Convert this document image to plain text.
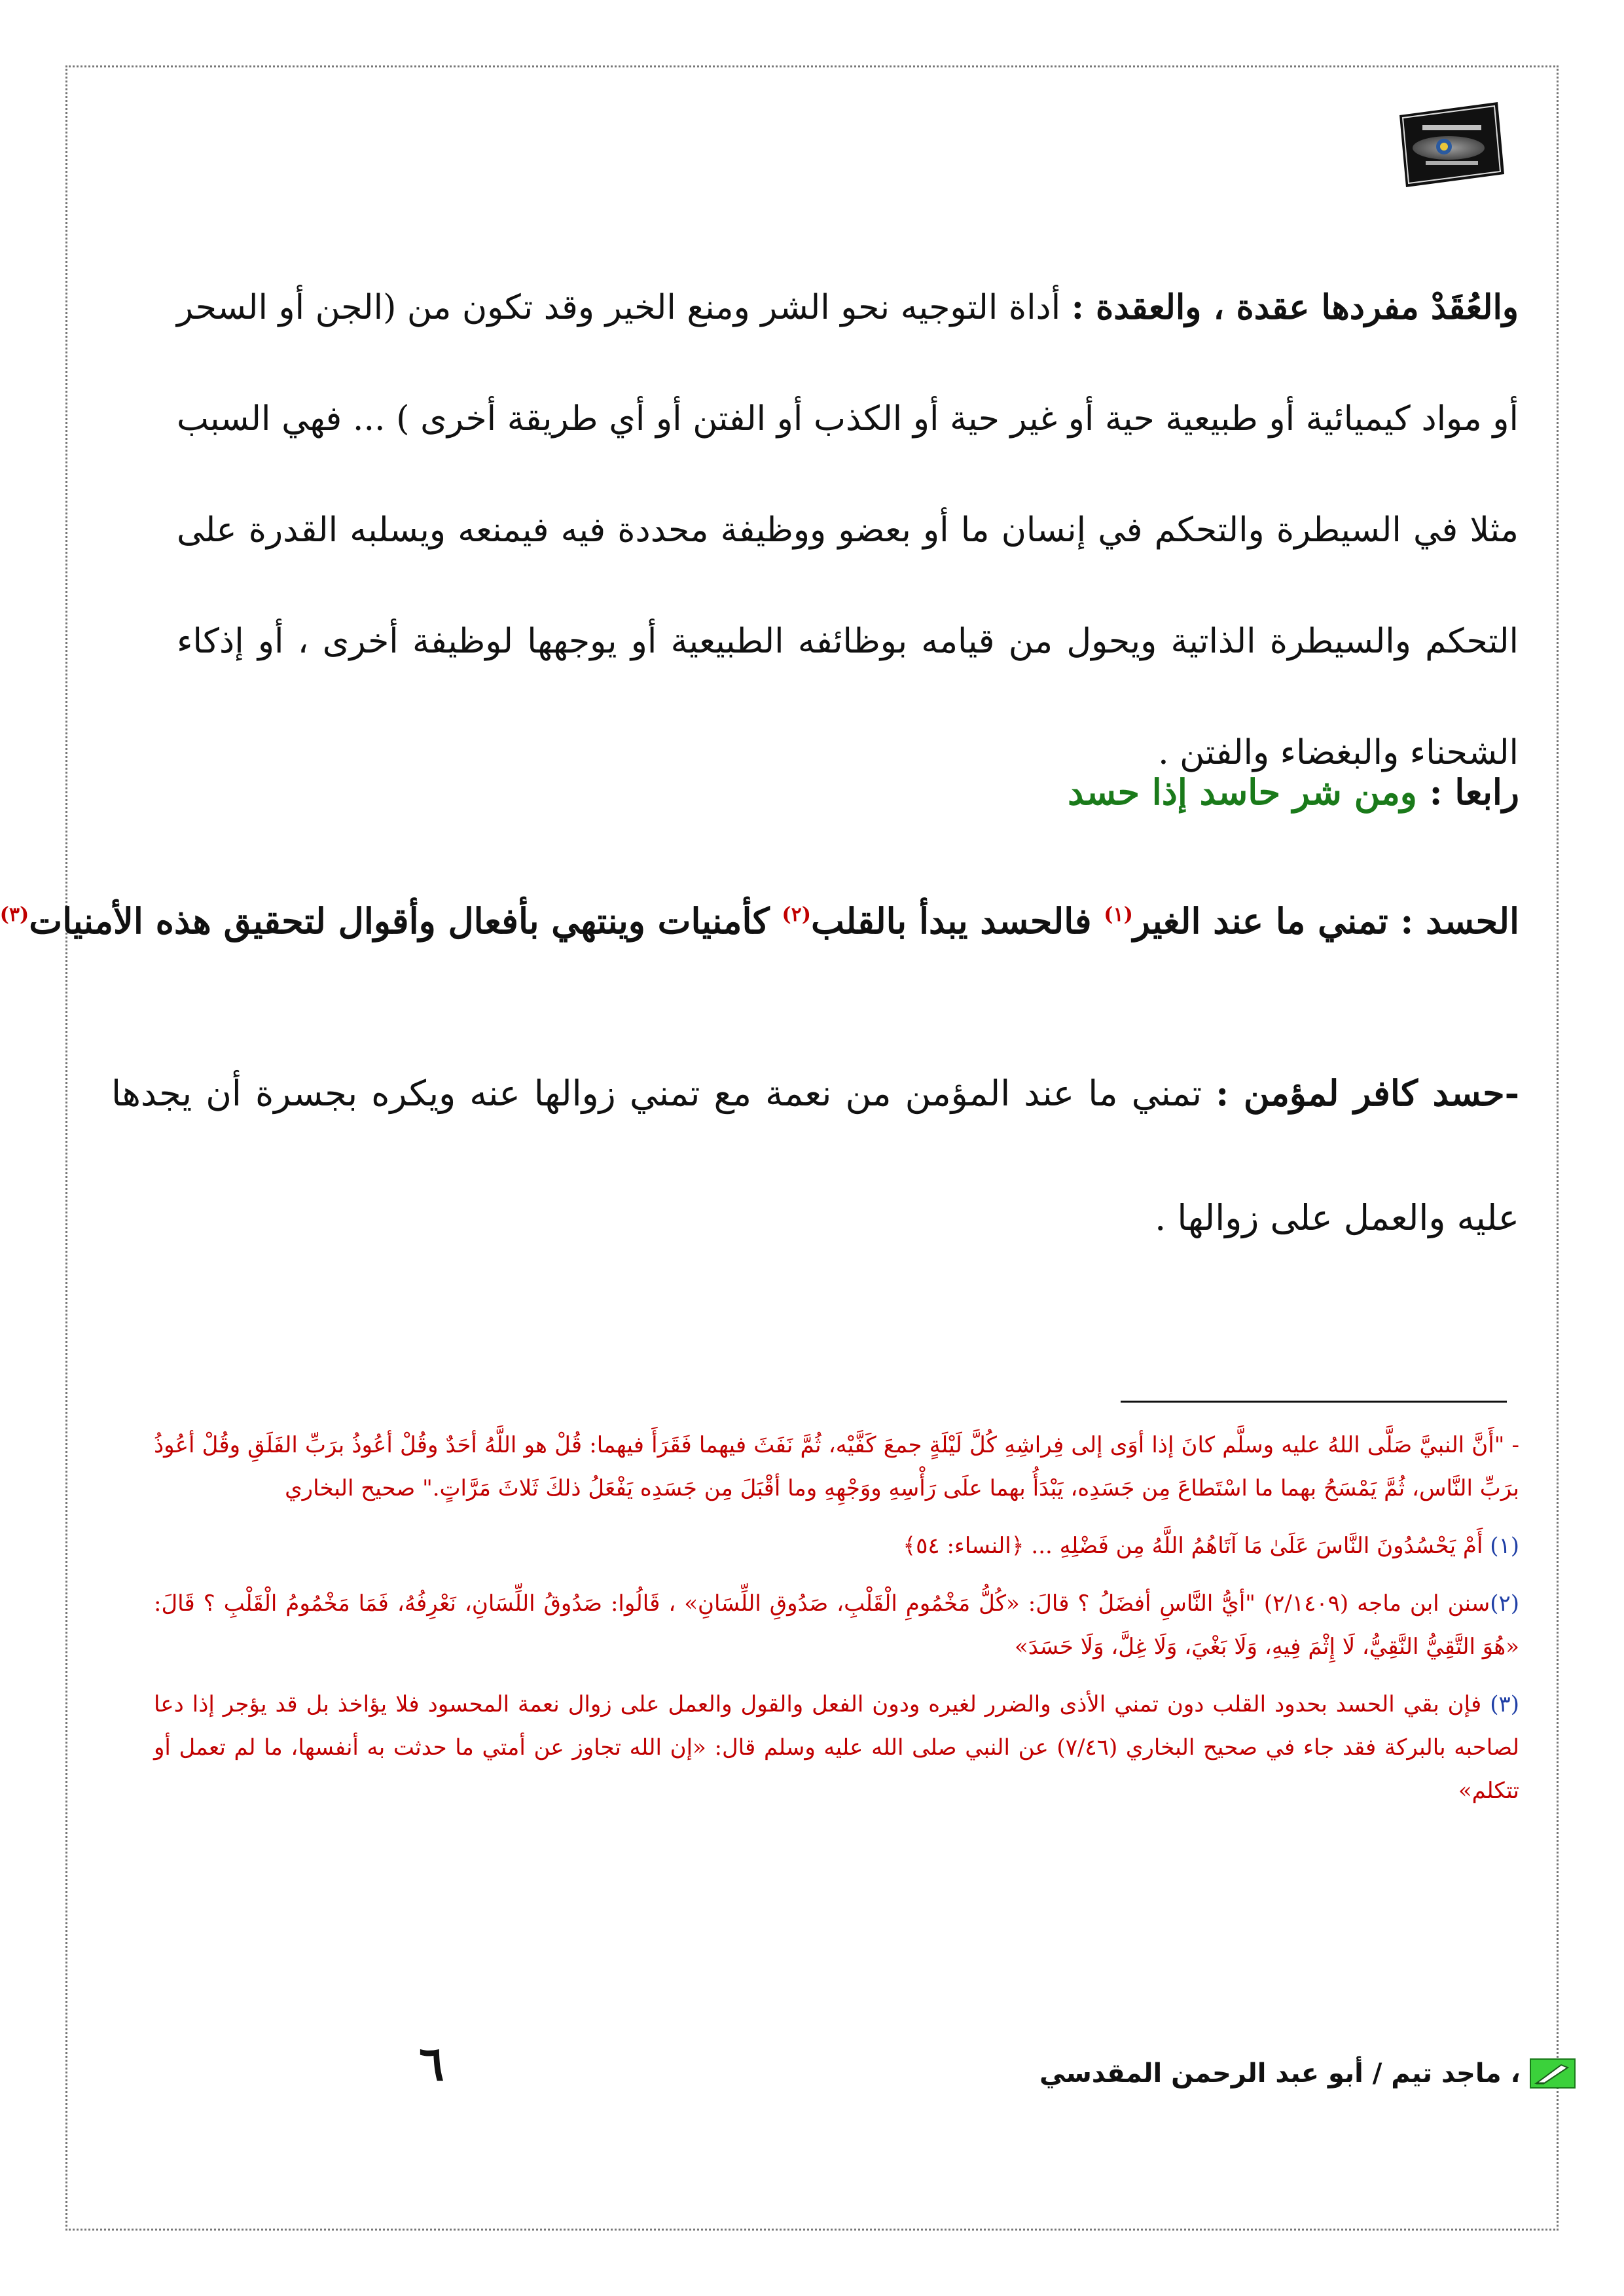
والعُقَدْ مفردها عقدة ، والعقدة : أداة التوجيه نحو الشر ومنع الخير وقد تكون من (الجن أو السحر أو مواد كيميائية أو طبيعية حية أو غير حية أو الكذب أو الفتن أو أي طريقة أخرى ) ... فهي السبب مثلا في السيطرة والتحكم في إنسان ما أو بعضو ووظيفة محددة فيه فيمنعه ويسلبه القدرة على التحكم والسيطرة الذاتية ويحول من قيامه بوظائفه الطبيعية أو يوجهها لوظيفة أخرى ، أو إذكاء الشحناء والبغضاء والفتن .
رابعا : ومن شر حاسد إذا حسد
الحسد : تمني ما عند الغير$^{(١)}$ فالحسد يبدأ بالقلب$^{(٢)}$ كأمنيات وينتهي بأفعال وأقوال لتحقيق هذه الأمنيات$^{(٣)}$
-حسد كافر لمؤمن : تمني ما عند المؤمن من نعمة مع تمني زوالها عنه ويكره بجسرة أن يجدها عليه والعمل على زوالها .

- "أَنَّ النبيَّ صَلَّى اللهُ عليه وسلَّم كانَ إذا أوَى إلى فِراشِهِ كُلَّ لَيْلَةٍ جمعَ كَفَّيْه، ثُمَّ نَفَثَ فيهما فَقَرَأَ فيهما: قُلْ هو اللَّهُ أحَدٌ وقُلْ أعُوذُ برَبِّ الفَلَقِ وقُلْ أعُوذُ برَبِّ النَّاس، ثُمَّ يَمْسَحُ بهما ما اسْتَطاعَ مِن جَسَدِه، يَبْدَأُ بهما علَى رَأْسِهِ ووَجْهِهِ وما أقْبَلَ مِن جَسَدِه يَفْعَلُ ذلكَ ثَلاثَ مَرَّاتٍ." صحيح البخاري

(١) أَمْ يَحْسُدُونَ النَّاسَ عَلَىٰ مَا آتَاهُمُ اللَّهُ مِن فَضْلِهِ ... ﴿النساء: ٥٤﴾

(٢)سنن ابن ماجه (٢/١٤٠٩) "أيُّ النَّاسِ أفضَلُ ؟ قالَ: «كُلُّ مَخْمُومِ الْقَلْبِ، صَدُوقِ اللِّسَانِ» ، قَالُوا: صَدُوقُ اللِّسَانِ، نَعْرِفُهُ، فَمَا مَخْمُومُ الْقَلْبِ ؟ قَالَ: «هُوَ التَّقِيُّ النَّقِيُّ، لَا إِثْمَ فِيهِ، وَلَا بَغْيَ، وَلَا غِلَّ، وَلَا حَسَدَ»

(٣) فإن بقي الحسد بحدود القلب دون تمني الأذى والضرر لغيره ودون الفعل والقول والعمل على زوال نعمة المحسود فلا يؤاخذ بل قد يؤجر إذا دعا لصاحبه بالبركة فقد جاء في صحيح البخاري (٧/٤٦) عن النبي صلى الله عليه وسلم قال: «إن الله تجاوز عن أمتي ما حدثت به أنفسها، ما لم تعمل أو تتكلم»

٦	، ماجد تيم / أبو عبد الرحمن المقدسي
